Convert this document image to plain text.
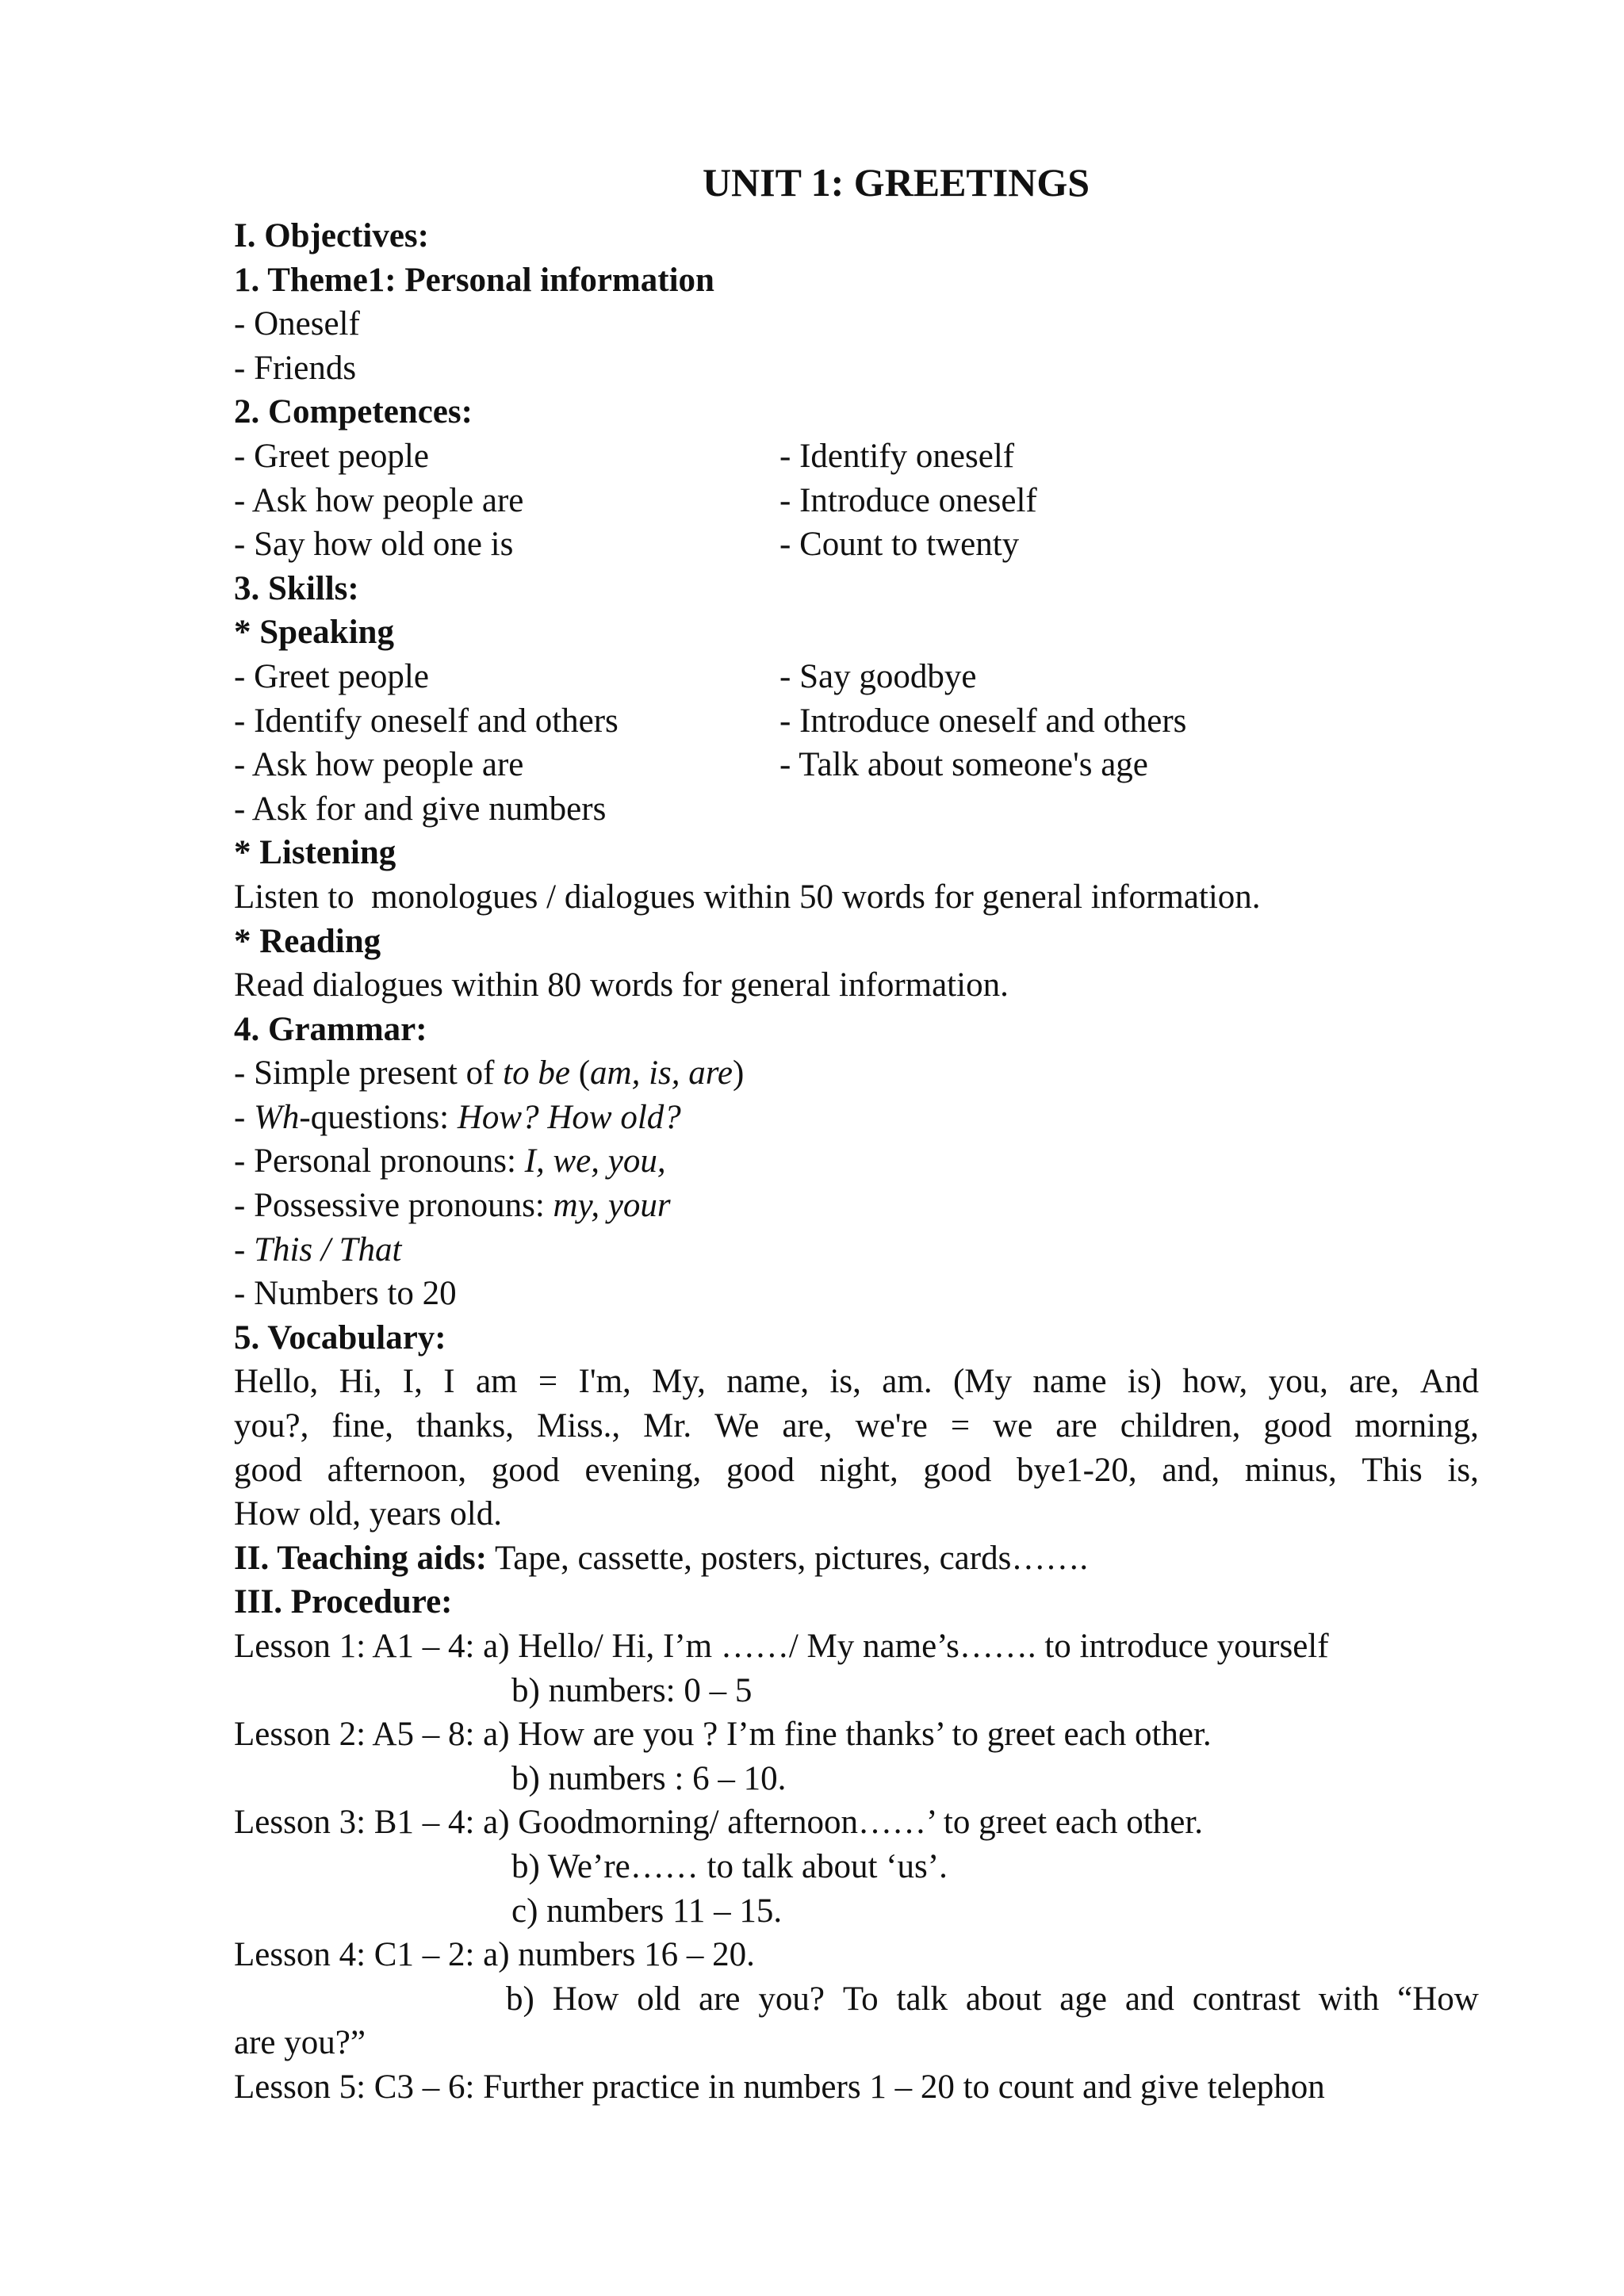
UNIT 1: GREETINGS
I. Objectives:
1. Theme1: Personal information
- Oneself
- Friends
2. Competences:
- Greet people	- Identify oneself
- Ask how people are	- Introduce oneself
- Say how old one is	- Count to twenty
3. Skills:
* Speaking
- Greet people	- Say goodbye
- Identify oneself and others	- Introduce oneself and others
- Ask how people are	- Talk about someone's age
- Ask for and give numbers
* Listening
Listen to  monologues / dialogues within 50 words for general information.
* Reading
Read dialogues within 80 words for general information.
4. Grammar:
- Simple present of to be (am, is, are)
- Wh-questions: How? How old?
- Personal pronouns: I, we, you,
- Possessive pronouns: my, your
- This / That
- Numbers to 20
5. Vocabulary:
Hello, Hi, I, I am = I'm, My, name, is, am. (My name is) how, you, are, And
you?, fine, thanks, Miss., Mr. We are, we're = we are children, good morning,
good afternoon, good evening, good night, good bye1-20, and, minus, This is,
How old, years old.
II. Teaching aids: Tape, cassette, posters, pictures, cards…….
III. Procedure:
Lesson 1: A1 – 4: a) Hello/ Hi, I’m ……/ My name’s……. to introduce yourself
b) numbers: 0 – 5
Lesson 2: A5 – 8: a) How are you ? I’m fine thanks’ to greet each other.
b) numbers : 6 – 10.
Lesson 3: B1 – 4: a) Goodmorning/ afternoon……’ to greet each other.
b) We’re…… to talk about ‘us’.
c) numbers 11 – 15.
Lesson 4: C1 – 2: a) numbers 16 – 20.
b) How old are you? To talk about age and contrast with “How
are you?”
Lesson 5: C3 – 6: Further practice in numbers 1 – 20 to count and give telephon
